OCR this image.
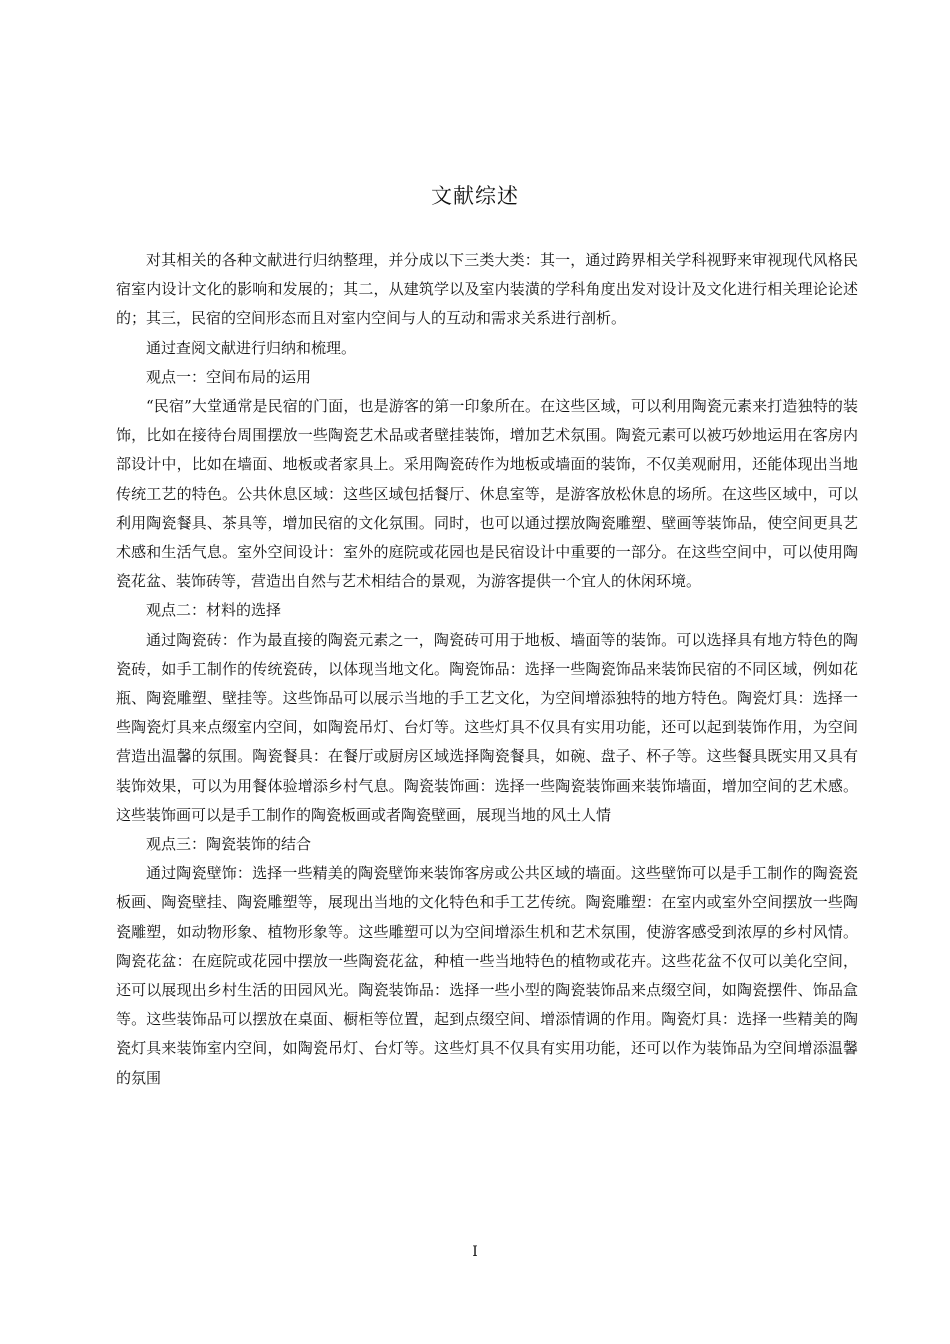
文献综述

对其相关的各种文献进行归纳整理，并分成以下三类大类：其一，通过跨界相关学科视野来审视现代风格民宿室内设计文化的影响和发展的；其二，从建筑学以及室内装潢的学科角度出发对设计及文化进行相关理论论述的；其三，民宿的空间形态而且对室内空间与人的互动和需求关系进行剖析。

通过查阅文献进行归纳和梳理。

观点一：空间布局的运用

“民宿”大堂通常是民宿的门面，也是游客的第一印象所在。在这些区域，可以利用陶瓷元素来打造独特的装饰，比如在接待台周围摆放一些陶瓷艺术品或者壁挂装饰，增加艺术氛围。陶瓷元素可以被巧妙地运用在客房内部设计中，比如在墙面、地板或者家具上。采用陶瓷砖作为地板或墙面的装饰，不仅美观耐用，还能体现出当地传统工艺的特色。公共休息区域：这些区域包括餐厅、休息室等，是游客放松休息的场所。在这些区域中，可以利用陶瓷餐具、茶具等，增加民宿的文化氛围。同时，也可以通过摆放陶瓷雕塑、壁画等装饰品，使空间更具艺术感和生活气息。室外空间设计：室外的庭院或花园也是民宿设计中重要的一部分。在这些空间中，可以使用陶瓷花盆、装饰砖等，营造出自然与艺术相结合的景观，为游客提供一个宜人的休闲环境。

观点二：材料的选择

通过陶瓷砖：作为最直接的陶瓷元素之一，陶瓷砖可用于地板、墙面等的装饰。可以选择具有地方特色的陶瓷砖，如手工制作的传统瓷砖，以体现当地文化。陶瓷饰品：选择一些陶瓷饰品来装饰民宿的不同区域，例如花瓶、陶瓷雕塑、壁挂等。这些饰品可以展示当地的手工艺文化，为空间增添独特的地方特色。陶瓷灯具：选择一些陶瓷灯具来点缀室内空间，如陶瓷吊灯、台灯等。这些灯具不仅具有实用功能，还可以起到装饰作用，为空间营造出温馨的氛围。陶瓷餐具：在餐厅或厨房区域选择陶瓷餐具，如碗、盘子、杯子等。这些餐具既实用又具有装饰效果，可以为用餐体验增添乡村气息。陶瓷装饰画：选择一些陶瓷装饰画来装饰墙面，增加空间的艺术感。这些装饰画可以是手工制作的陶瓷板画或者陶瓷壁画，展现当地的风土人情

观点三：陶瓷装饰的结合

通过陶瓷壁饰：选择一些精美的陶瓷壁饰来装饰客房或公共区域的墙面。这些壁饰可以是手工制作的陶瓷瓷板画、陶瓷壁挂、陶瓷雕塑等，展现出当地的文化特色和手工艺传统。陶瓷雕塑：在室内或室外空间摆放一些陶瓷雕塑，如动物形象、植物形象等。这些雕塑可以为空间增添生机和艺术氛围，使游客感受到浓厚的乡村风情。陶瓷花盆：在庭院或花园中摆放一些陶瓷花盆，种植一些当地特色的植物或花卉。这些花盆不仅可以美化空间，还可以展现出乡村生活的田园风光。陶瓷装饰品：选择一些小型的陶瓷装饰品来点缀空间，如陶瓷摆件、饰品盒等。这些装饰品可以摆放在桌面、橱柜等位置，起到点缀空间、增添情调的作用。陶瓷灯具：选择一些精美的陶瓷灯具来装饰室内空间，如陶瓷吊灯、台灯等。这些灯具不仅具有实用功能，还可以作为装饰品为空间增添温馨的氛围

I
